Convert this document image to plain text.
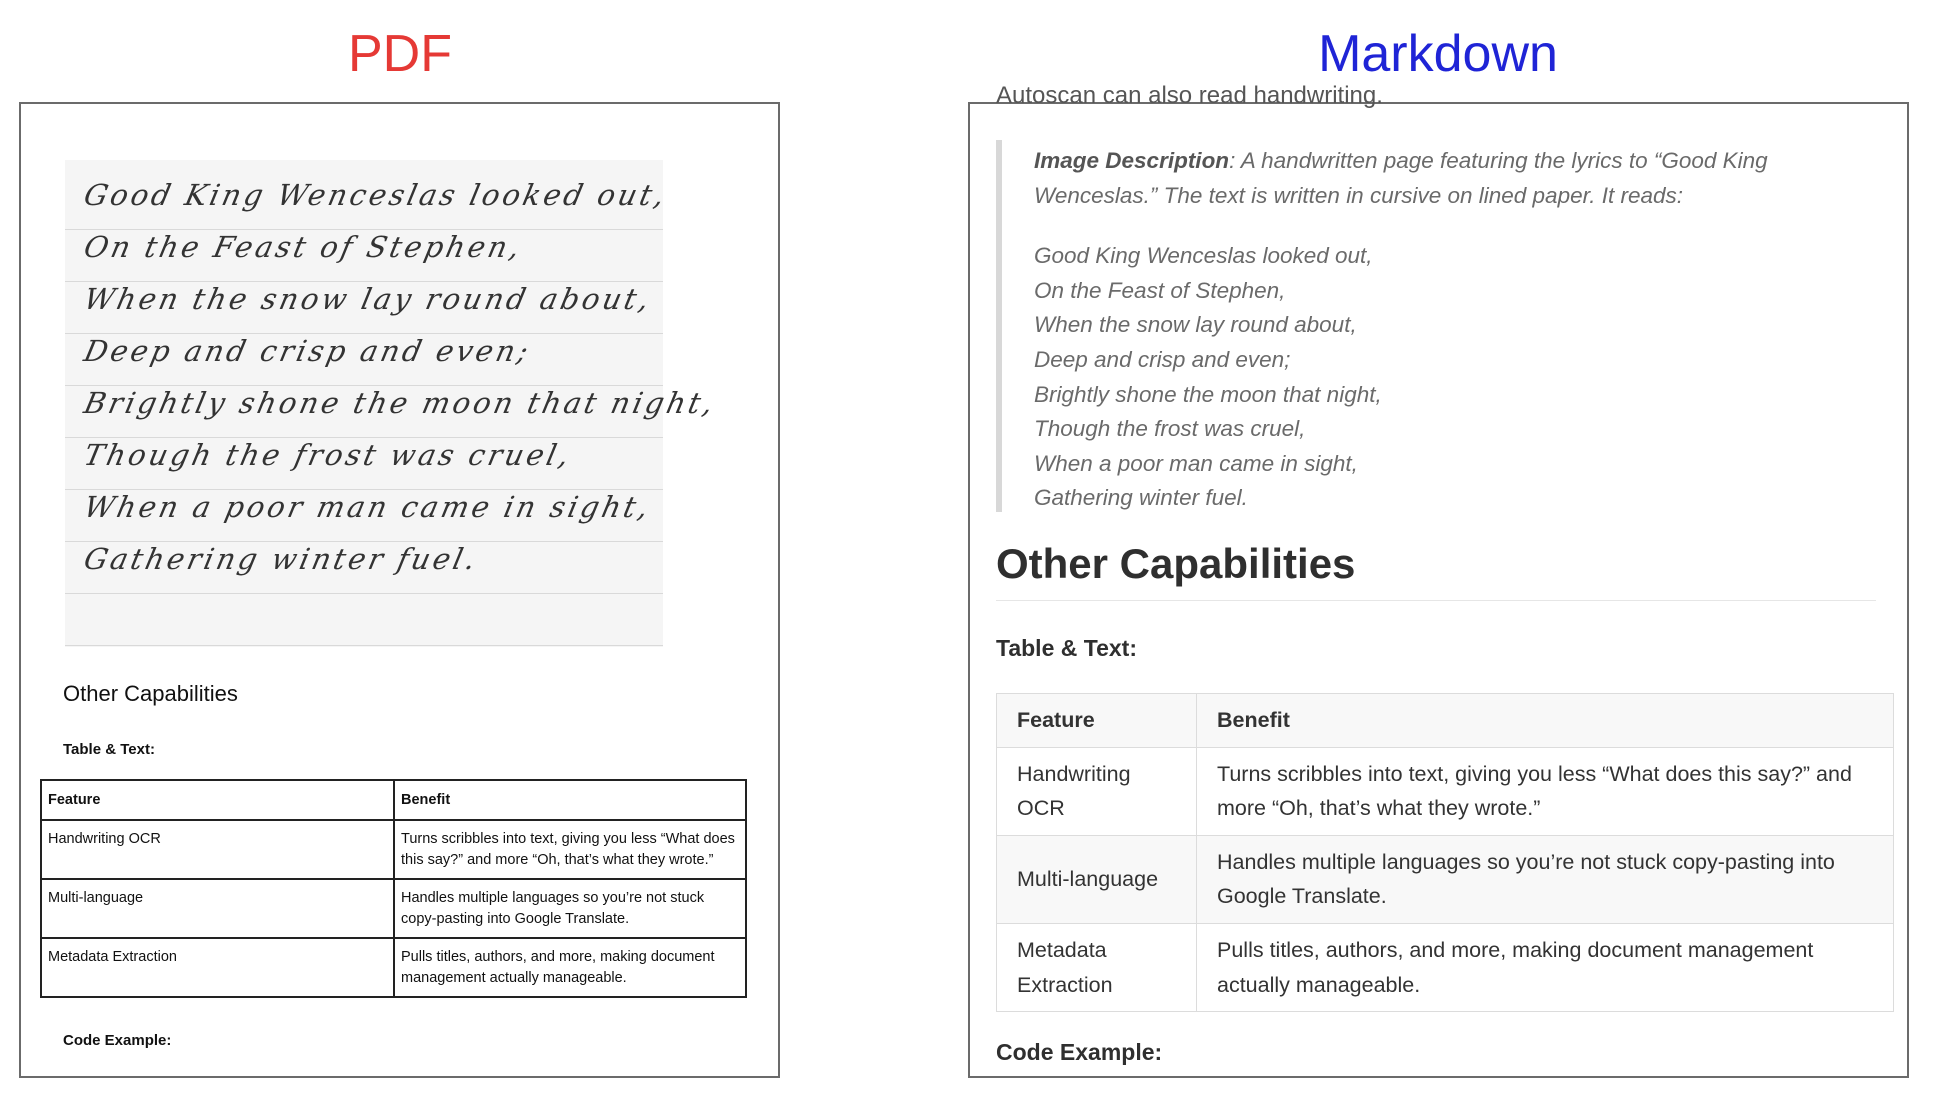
PDF	Markdown
Good King Wenceslas looked out,
On the Feast of Stephen,
When the snow lay round about,
Deep and crisp and even;
Brightly shone the moon that night,
Though the frost was cruel,
When a poor man came in sight,
Gathering winter fuel.
Other Capabilities
Table & Text:
Feature	Benefit
Handwriting OCR	Turns scribbles into text, giving you less “What does this say?” and more “Oh, that’s what they wrote.”
Multi-language	Handles multiple languages so you’re not stuck copy-pasting into Google Translate.
Metadata Extraction	Pulls titles, authors, and more, making document management actually manageable.
Code Example:
Autoscan can also read handwriting.

Image Description: A handwritten page featuring the lyrics to “Good King Wenceslas.” The text is written in cursive on lined paper. It reads:

Good King Wenceslas looked out,
On the Feast of Stephen,
When the snow lay round about,
Deep and crisp and even;
Brightly shone the moon that night,
Though the frost was cruel,
When a poor man came in sight,
Gathering winter fuel.
Other Capabilities
Table & Text:
Feature	Benefit
Handwriting OCR	Turns scribbles into text, giving you less “What does this say?” and more “Oh, that’s what they wrote.”
Multi-language	Handles multiple languages so you’re not stuck copy-pasting into Google Translate.
Metadata Extraction	Pulls titles, authors, and more, making document management actually manageable.
Code Example:
